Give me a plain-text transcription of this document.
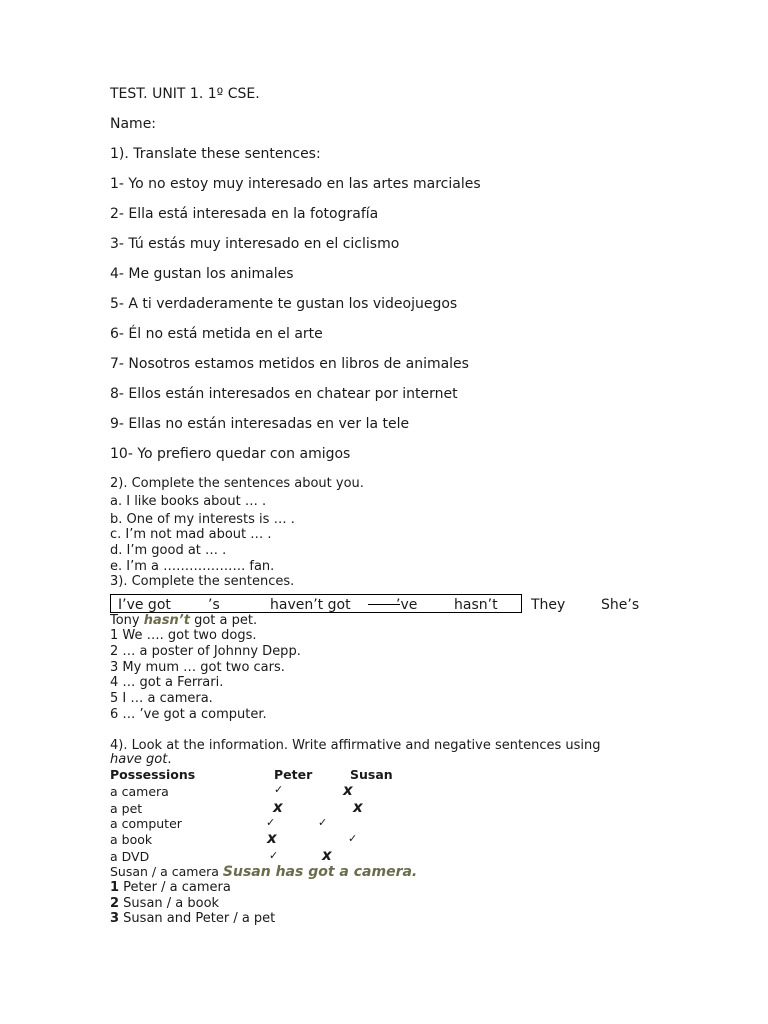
TEST. UNIT 1. 1º CSE.
Name:
1). Translate these sentences:
1- Yo no estoy muy interesado en las artes marciales
2- Ella está interesada en la fotografía
3- Tú estás muy interesado en el ciclismo
4- Me gustan los animales
5- A ti verdaderamente te gustan los videojuegos
6- Él no está metida en el arte
7- Nosotros estamos metidos en libros de animales
8- Ellos están interesados en chatear por internet
9- Ellas no están interesadas en ver la tele
10- Yo prefiero quedar con amigos
2). Complete the sentences about you.
a. I like books about … .
b. One of my interests is … .
c. I’m not mad about … .
d. I’m good at … .
e. I’m a ………………. fan.
3). Complete the sentences.
I’ve got	’s	haven’t got	’ve	hasn’t They	She’s
Tony hasn’t got a pet.
1 We …. got two dogs.
2 … a poster of Johnny Depp.
3 My mum … got two cars.
4 … got a Ferrari.
5 I … a camera.
6 … ’ve got a computer.
4). Look at the information. Write affirmative and negative sentences using
have got.
Possessions	Peter	Susan
a camera	✓	x
a pet	x	x
a computer	✓	✓
a book	x	✓
a DVD	✓	x
Susan / a camera Susan has got a camera.
1 Peter / a camera
2 Susan / a book
3 Susan and Peter / a pet
